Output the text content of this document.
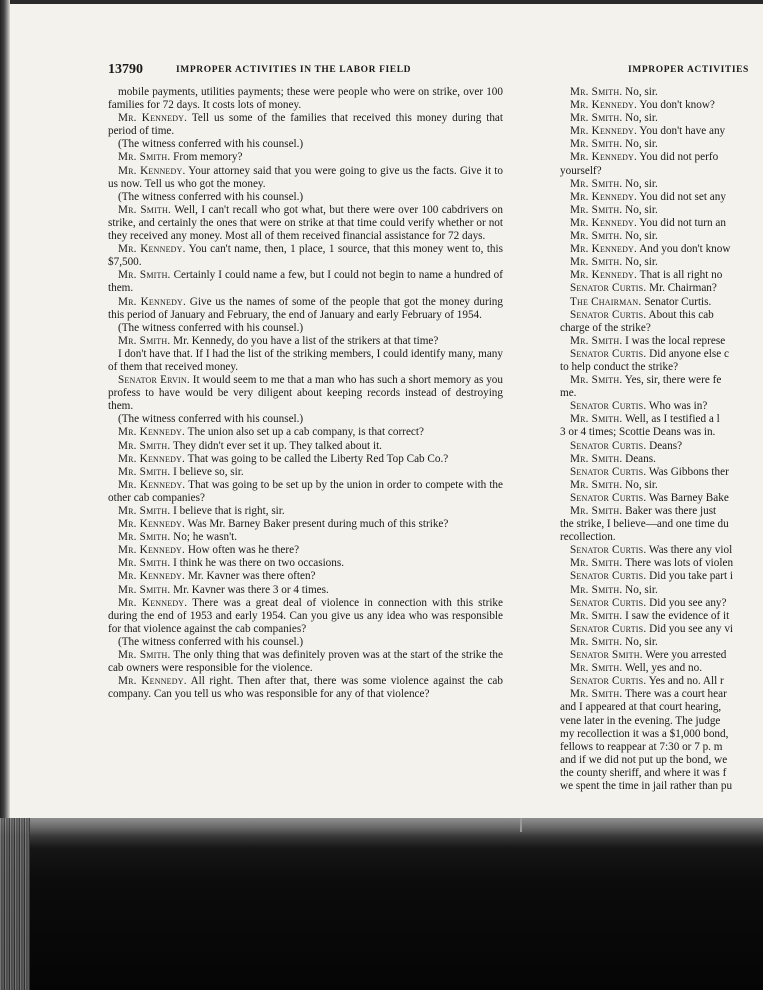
13790	IMPROPER ACTIVITIES IN THE LABOR FIELD	IMPROPER ACTIVITIES

mobile payments, utilities payments; these were people who were on strike, over 100 families for 72 days. It costs lots of money.

Mr. Kennedy. Tell us some of the families that received this money during that period of time.

(The witness conferred with his counsel.)

Mr. Smith. From memory?

Mr. Kennedy. Your attorney said that you were going to give us the facts. Give it to us now. Tell us who got the money.

(The witness conferred with his counsel.)

Mr. Smith. Well, I can't recall who got what, but there were over 100 cabdrivers on strike, and certainly the ones that were on strike at that time could verify whether or not they received any money. Most all of them received financial assistance for 72 days.

Mr. Kennedy. You can't name, then, 1 place, 1 source, that this money went to, this $7,500.

Mr. Smith. Certainly I could name a few, but I could not begin to name a hundred of them.

Mr. Kennedy. Give us the names of some of the people that got the money during this period of January and February, the end of January and early February of 1954.

(The witness conferred with his counsel.)

Mr. Smith. Mr. Kennedy, do you have a list of the strikers at that time?

I don't have that. If I had the list of the striking members, I could identify many, many of them that received money.

Senator Ervin. It would seem to me that a man who has such a short memory as you profess to have would be very diligent about keeping records instead of destroying them.

(The witness conferred with his counsel.)

Mr. Kennedy. The union also set up a cab company, is that correct?

Mr. Smith. They didn't ever set it up. They talked about it.

Mr. Kennedy. That was going to be called the Liberty Red Top Cab Co.?

Mr. Smith. I believe so, sir.

Mr. Kennedy. That was going to be set up by the union in order to compete with the other cab companies?

Mr. Smith. I believe that is right, sir.

Mr. Kennedy. Was Mr. Barney Baker present during much of this strike?

Mr. Smith. No; he wasn't.

Mr. Kennedy. How often was he there?

Mr. Smith. I think he was there on two occasions.

Mr. Kennedy. Mr. Kavner was there often?

Mr. Smith. Mr. Kavner was there 3 or 4 times.

Mr. Kennedy. There was a great deal of violence in connection with this strike during the end of 1953 and early 1954. Can you give us any idea who was responsible for that violence against the cab companies?

(The witness conferred with his counsel.)

Mr. Smith. The only thing that was definitely proven was at the start of the strike the cab owners were responsible for the violence.

Mr. Kennedy. All right. Then after that, there was some violence against the cab company. Can you tell us who was responsible for any of that violence?

Mr. Smith. No, sir.

Mr. Kennedy. You don't know?

Mr. Smith. No, sir.

Mr. Kennedy. You don't have any

Mr. Smith. No, sir.

Mr. Kennedy. You did not perfo

yourself?

Mr. Smith. No, sir.

Mr. Kennedy. You did not set any

Mr. Smith. No, sir.

Mr. Kennedy. You did not turn an

Mr. Smith. No, sir.

Mr. Kennedy. And you don't know

Mr. Smith. No, sir.

Mr. Kennedy. That is all right no

Senator Curtis. Mr. Chairman?

The Chairman. Senator Curtis.

Senator Curtis. About this cab

charge of the strike?

Mr. Smith. I was the local represe

Senator Curtis. Did anyone else c

to help conduct the strike?

Mr. Smith. Yes, sir, there were fe

me.

Senator Curtis. Who was in?

Mr. Smith. Well, as I testified a l

3 or 4 times; Scottie Deans was in.

Senator Curtis. Deans?

Mr. Smith. Deans.

Senator Curtis. Was Gibbons ther

Mr. Smith. No, sir.

Senator Curtis. Was Barney Bake

Mr. Smith. Baker was there just

the strike, I believe—and one time du

recollection.

Senator Curtis. Was there any viol

Mr. Smith. There was lots of violen

Senator Curtis. Did you take part i

Mr. Smith. No, sir.

Senator Curtis. Did you see any?

Mr. Smith. I saw the evidence of it

Senator Curtis. Did you see any vi

Mr. Smith. No, sir.

Senator Smith. Were you arrested

Mr. Smith. Well, yes and no.

Senator Curtis. Yes and no. All r

Mr. Smith. There was a court hear

and I appeared at that court hearing,

vene later in the evening. The judge

my recollection it was a $1,000 bond,

fellows to reappear at 7:30 or 7 p. m

and if we did not put up the bond, we

the county sheriff, and where it was f

we spent the time in jail rather than pu
